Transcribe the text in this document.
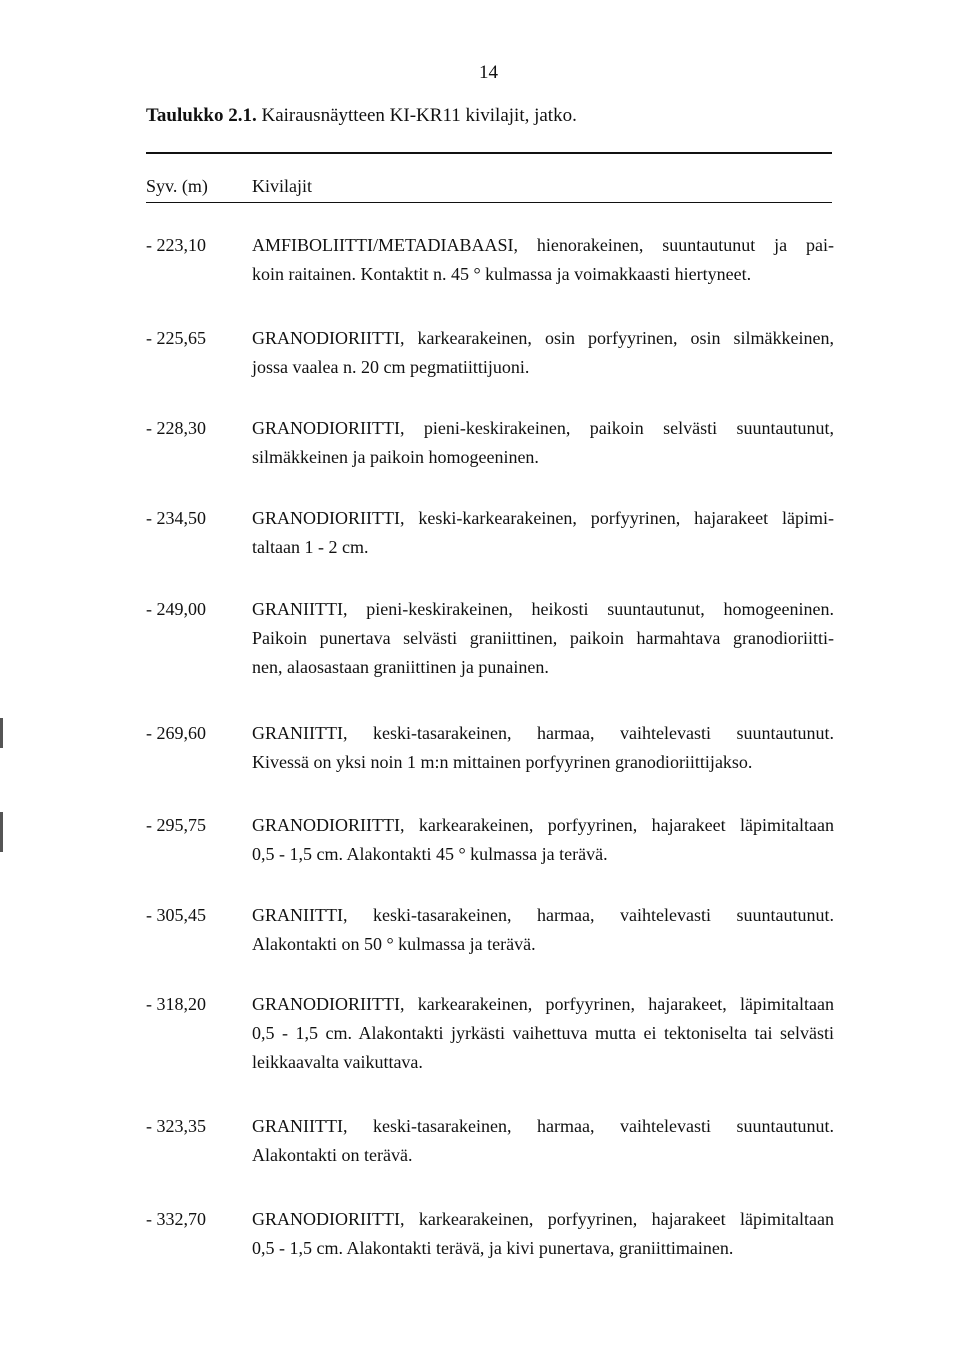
14
Taulukko 2.1. Kairausnäytteen KI-KR11 kivilajit, jatko.
Syv. (m) Kivilajit
- 223,10	AMFIBOLIITTI/METADIABAASI, hienorakeinen, suuntautunut ja pai-
koin raitainen. Kontaktit n. 45 ° kulmassa ja voimakkaasti hiertyneet.
- 225,65	GRANODIORIITTI, karkearakeinen, osin porfyyrinen, osin silmäkkeinen,
jossa vaalea n. 20 cm pegmatiittijuoni.
- 228,30	GRANODIORIITTI, pieni-keskirakeinen, paikoin selvästi suuntautunut,
silmäkkeinen ja paikoin homogeeninen.
- 234,50	GRANODIORIITTI, keski-karkearakeinen, porfyyrinen, hajarakeet läpimi-
taltaan 1 - 2 cm.
- 249,00	GRANIITTI, pieni-keskirakeinen, heikosti suuntautunut, homogeeninen.
Paikoin punertava selvästi graniittinen, paikoin harmahtava granodioriitti-
nen, alaosastaan graniittinen ja punainen.
- 269,60	GRANIITTI, keski-tasarakeinen, harmaa, vaihtelevasti suuntautunut.
Kivessä on yksi noin 1 m:n mittainen porfyyrinen granodioriittijakso.
- 295,75	GRANODIORIITTI, karkearakeinen, porfyyrinen, hajarakeet läpimitaltaan
0,5 - 1,5 cm. Alakontakti 45 ° kulmassa ja terävä.
- 305,45	GRANIITTI, keski-tasarakeinen, harmaa, vaihtelevasti suuntautunut.
Alakontakti on 50 ° kulmassa ja terävä.
- 318,20	GRANODIORIITTI, karkearakeinen, porfyyrinen, hajarakeet, läpimitaltaan
0,5 - 1,5 cm. Alakontakti jyrkästi vaihettuva mutta ei tektoniselta tai selvästi
leikkaavalta vaikuttava.
- 323,35	GRANIITTI, keski-tasarakeinen, harmaa, vaihtelevasti suuntautunut.
Alakontakti on terävä.
- 332,70	GRANODIORIITTI, karkearakeinen, porfyyrinen, hajarakeet läpimitaltaan
0,5 - 1,5 cm. Alakontakti terävä, ja kivi punertava, graniittimainen.
